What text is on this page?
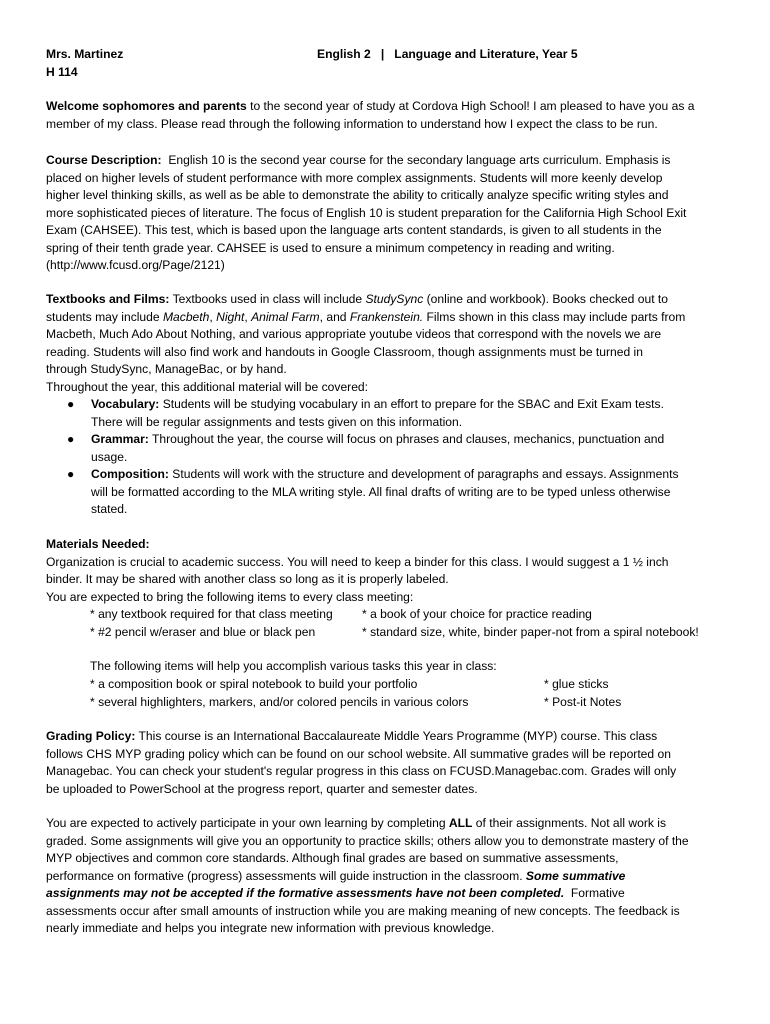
Mrs. Martinez
H 114
English 2   |   Language and Literature, Year 5
Welcome sophomores and parents to the second year of study at Cordova High School! I am pleased to have you as a
member of my class. Please read through the following information to understand how I expect the class to be run.
Course Description:  English 10 is the second year course for the secondary language arts curriculum. Emphasis is
placed on higher levels of student performance with more complex assignments. Students will more keenly develop
higher level thinking skills, as well as be able to demonstrate the ability to critically analyze specific writing styles and
more sophisticated pieces of literature. The focus of English 10 is student preparation for the California High School Exit
Exam (CAHSEE). This test, which is based upon the language arts content standards, is given to all students in the
spring of their tenth grade year. CAHSEE is used to ensure a minimum competency in reading and writing.
(http://www.fcusd.org/Page/2121)
Textbooks and Films: Textbooks used in class will include StudySync (online and workbook). Books checked out to
students may include Macbeth, Night, Animal Farm, and Frankenstein. Films shown in this class may include parts from
Macbeth, Much Ado About Nothing, and various appropriate youtube videos that correspond with the novels we are
reading. Students will also find work and handouts in Google Classroom, though assignments must be turned in
through StudySync, ManageBac, or by hand.
Throughout the year, this additional material will be covered:
● Vocabulary: Students will be studying vocabulary in an effort to prepare for the SBAC and Exit Exam tests.
There will be regular assignments and tests given on this information.
● Grammar: Throughout the year, the course will focus on phrases and clauses, mechanics, punctuation and
usage.
● Composition: Students will work with the structure and development of paragraphs and essays. Assignments
will be formatted according to the MLA writing style. All final drafts of writing are to be typed unless otherwise
stated.
Materials Needed:
Organization is crucial to academic success. You will need to keep a binder for this class. I would suggest a 1 ½ inch
binder. It may be shared with another class so long as it is properly labeled.
You are expected to bring the following items to every class meeting:
* any textbook required for that class meeting
* #2 pencil w/eraser and blue or black pen
* a book of your choice for practice reading
* standard size, white, binder paper-not from a spiral notebook!
The following items will help you accomplish various tasks this year in class:
* a composition book or spiral notebook to build your portfolio
* several highlighters, markers, and/or colored pencils in various colors
* glue sticks
* Post-it Notes
Grading Policy: This course is an International Baccalaureate Middle Years Programme (MYP) course. This class
follows CHS MYP grading policy which can be found on our school website. All summative grades will be reported on
Managebac. You can check your student's regular progress in this class on FCUSD.Managebac.com. Grades will only
be uploaded to PowerSchool at the progress report, quarter and semester dates.
You are expected to actively participate in your own learning by completing ALL of their assignments. Not all work is
graded. Some assignments will give you an opportunity to practice skills; others allow you to demonstrate mastery of the
MYP objectives and common core standards. Although final grades are based on summative assessments,
performance on formative (progress) assessments will guide instruction in the classroom. Some summative
assignments may not be accepted if the formative assessments have not been completed.  Formative
assessments occur after small amounts of instruction while you are making meaning of new concepts. The feedback is
nearly immediate and helps you integrate new information with previous knowledge.
